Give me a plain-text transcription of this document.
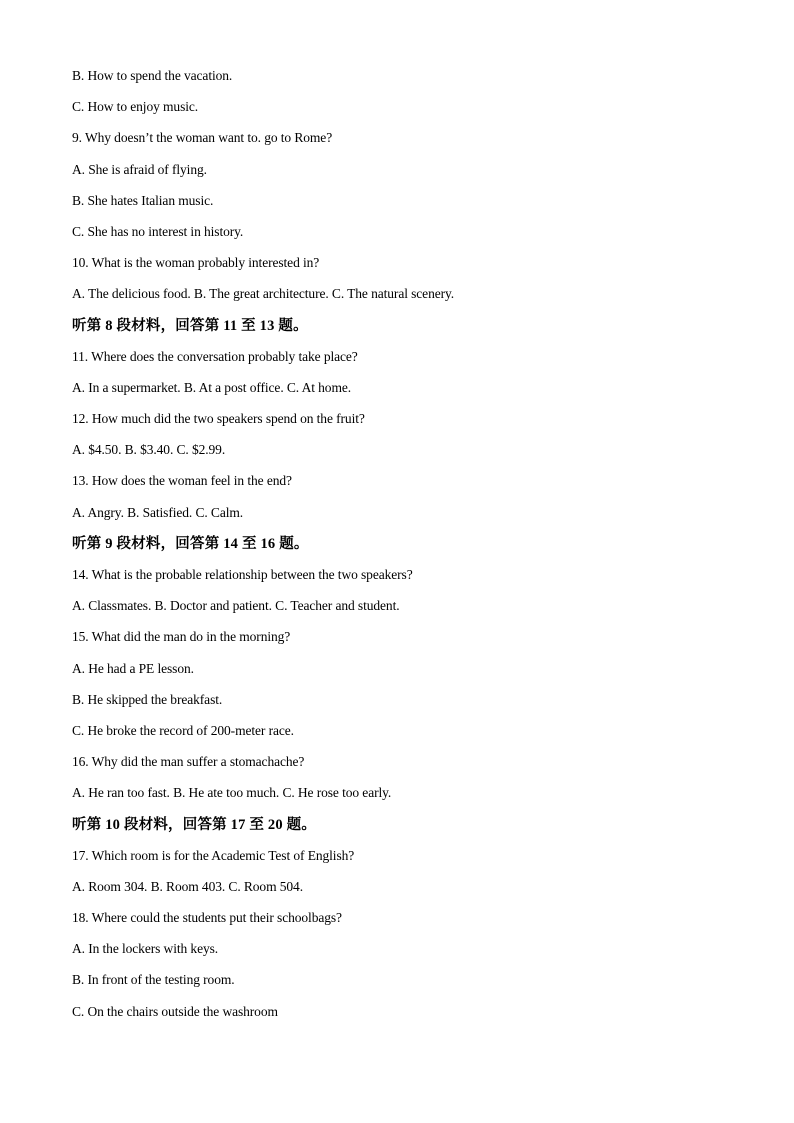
B. How to spend the vacation.
C. How to enjoy music.
9. Why doesn’t the woman want to. go to Rome?
A. She is afraid of flying.
B. She hates Italian music.
C. She has no interest in history.
10. What is the woman probably interested in?
A. The delicious food. B. The great architecture. C. The natural scenery.
听第 8 段材料，回答第 11 至 13 题。
11. Where does the conversation probably take place?
A. In a supermarket. B. At a post office. C. At home.
12. How much did the two speakers spend on the fruit?
A. $4.50. B. $3.40. C. $2.99.
13. How does the woman feel in the end?
A. Angry. B. Satisfied. C. Calm.
听第 9 段材料，回答第 14 至 16 题。
14. What is the probable relationship between the two speakers?
A. Classmates. B. Doctor and patient. C. Teacher and student.
15. What did the man do in the morning?
A. He had a PE lesson.
B. He skipped the breakfast.
C. He broke the record of 200-meter race.
16. Why did the man suffer a stomachache?
A. He ran too fast. B. He ate too much. C. He rose too early.
听第 10 段材料，回答第 17 至 20 题。
17. Which room is for the Academic Test of English?
A. Room 304. B. Room 403. C. Room 504.
18. Where could the students put their schoolbags?
A. In the lockers with keys.
B. In front of the testing room.
C. On the chairs outside the washroom
